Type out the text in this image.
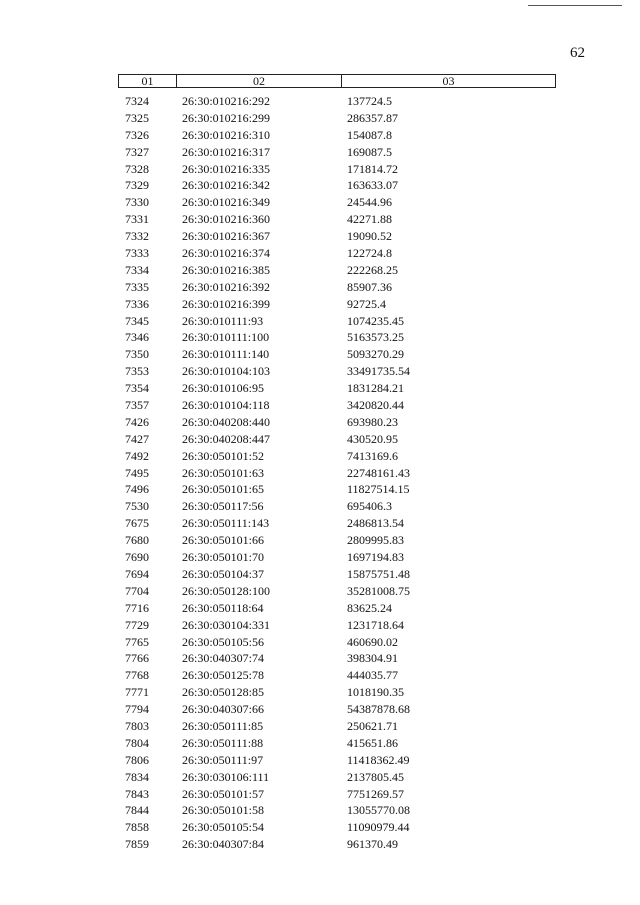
62
01	02	03
7324	26:30:010216:292	137724.5
7325	26:30:010216:299	286357.87
7326	26:30:010216:310	154087.8
7327	26:30:010216:317	169087.5
7328	26:30:010216:335	171814.72
7329	26:30:010216:342	163633.07
7330	26:30:010216:349	24544.96
7331	26:30:010216:360	42271.88
7332	26:30:010216:367	19090.52
7333	26:30:010216:374	122724.8
7334	26:30:010216:385	222268.25
7335	26:30:010216:392	85907.36
7336	26:30:010216:399	92725.4
7345	26:30:010111:93	1074235.45
7346	26:30:010111:100	5163573.25
7350	26:30:010111:140	5093270.29
7353	26:30:010104:103	33491735.54
7354	26:30:010106:95	1831284.21
7357	26:30:010104:118	3420820.44
7426	26:30:040208:440	693980.23
7427	26:30:040208:447	430520.95
7492	26:30:050101:52	7413169.6
7495	26:30:050101:63	22748161.43
7496	26:30:050101:65	11827514.15
7530	26:30:050117:56	695406.3
7675	26:30:050111:143	2486813.54
7680	26:30:050101:66	2809995.83
7690	26:30:050101:70	1697194.83
7694	26:30:050104:37	15875751.48
7704	26:30:050128:100	35281008.75
7716	26:30:050118:64	83625.24
7729	26:30:030104:331	1231718.64
7765	26:30:050105:56	460690.02
7766	26:30:040307:74	398304.91
7768	26:30:050125:78	444035.77
7771	26:30:050128:85	1018190.35
7794	26:30:040307:66	54387878.68
7803	26:30:050111:85	250621.71
7804	26:30:050111:88	415651.86
7806	26:30:050111:97	11418362.49
7834	26:30:030106:111	2137805.45
7843	26:30:050101:57	7751269.57
7844	26:30:050101:58	13055770.08
7858	26:30:050105:54	11090979.44
7859	26:30:040307:84	961370.49
